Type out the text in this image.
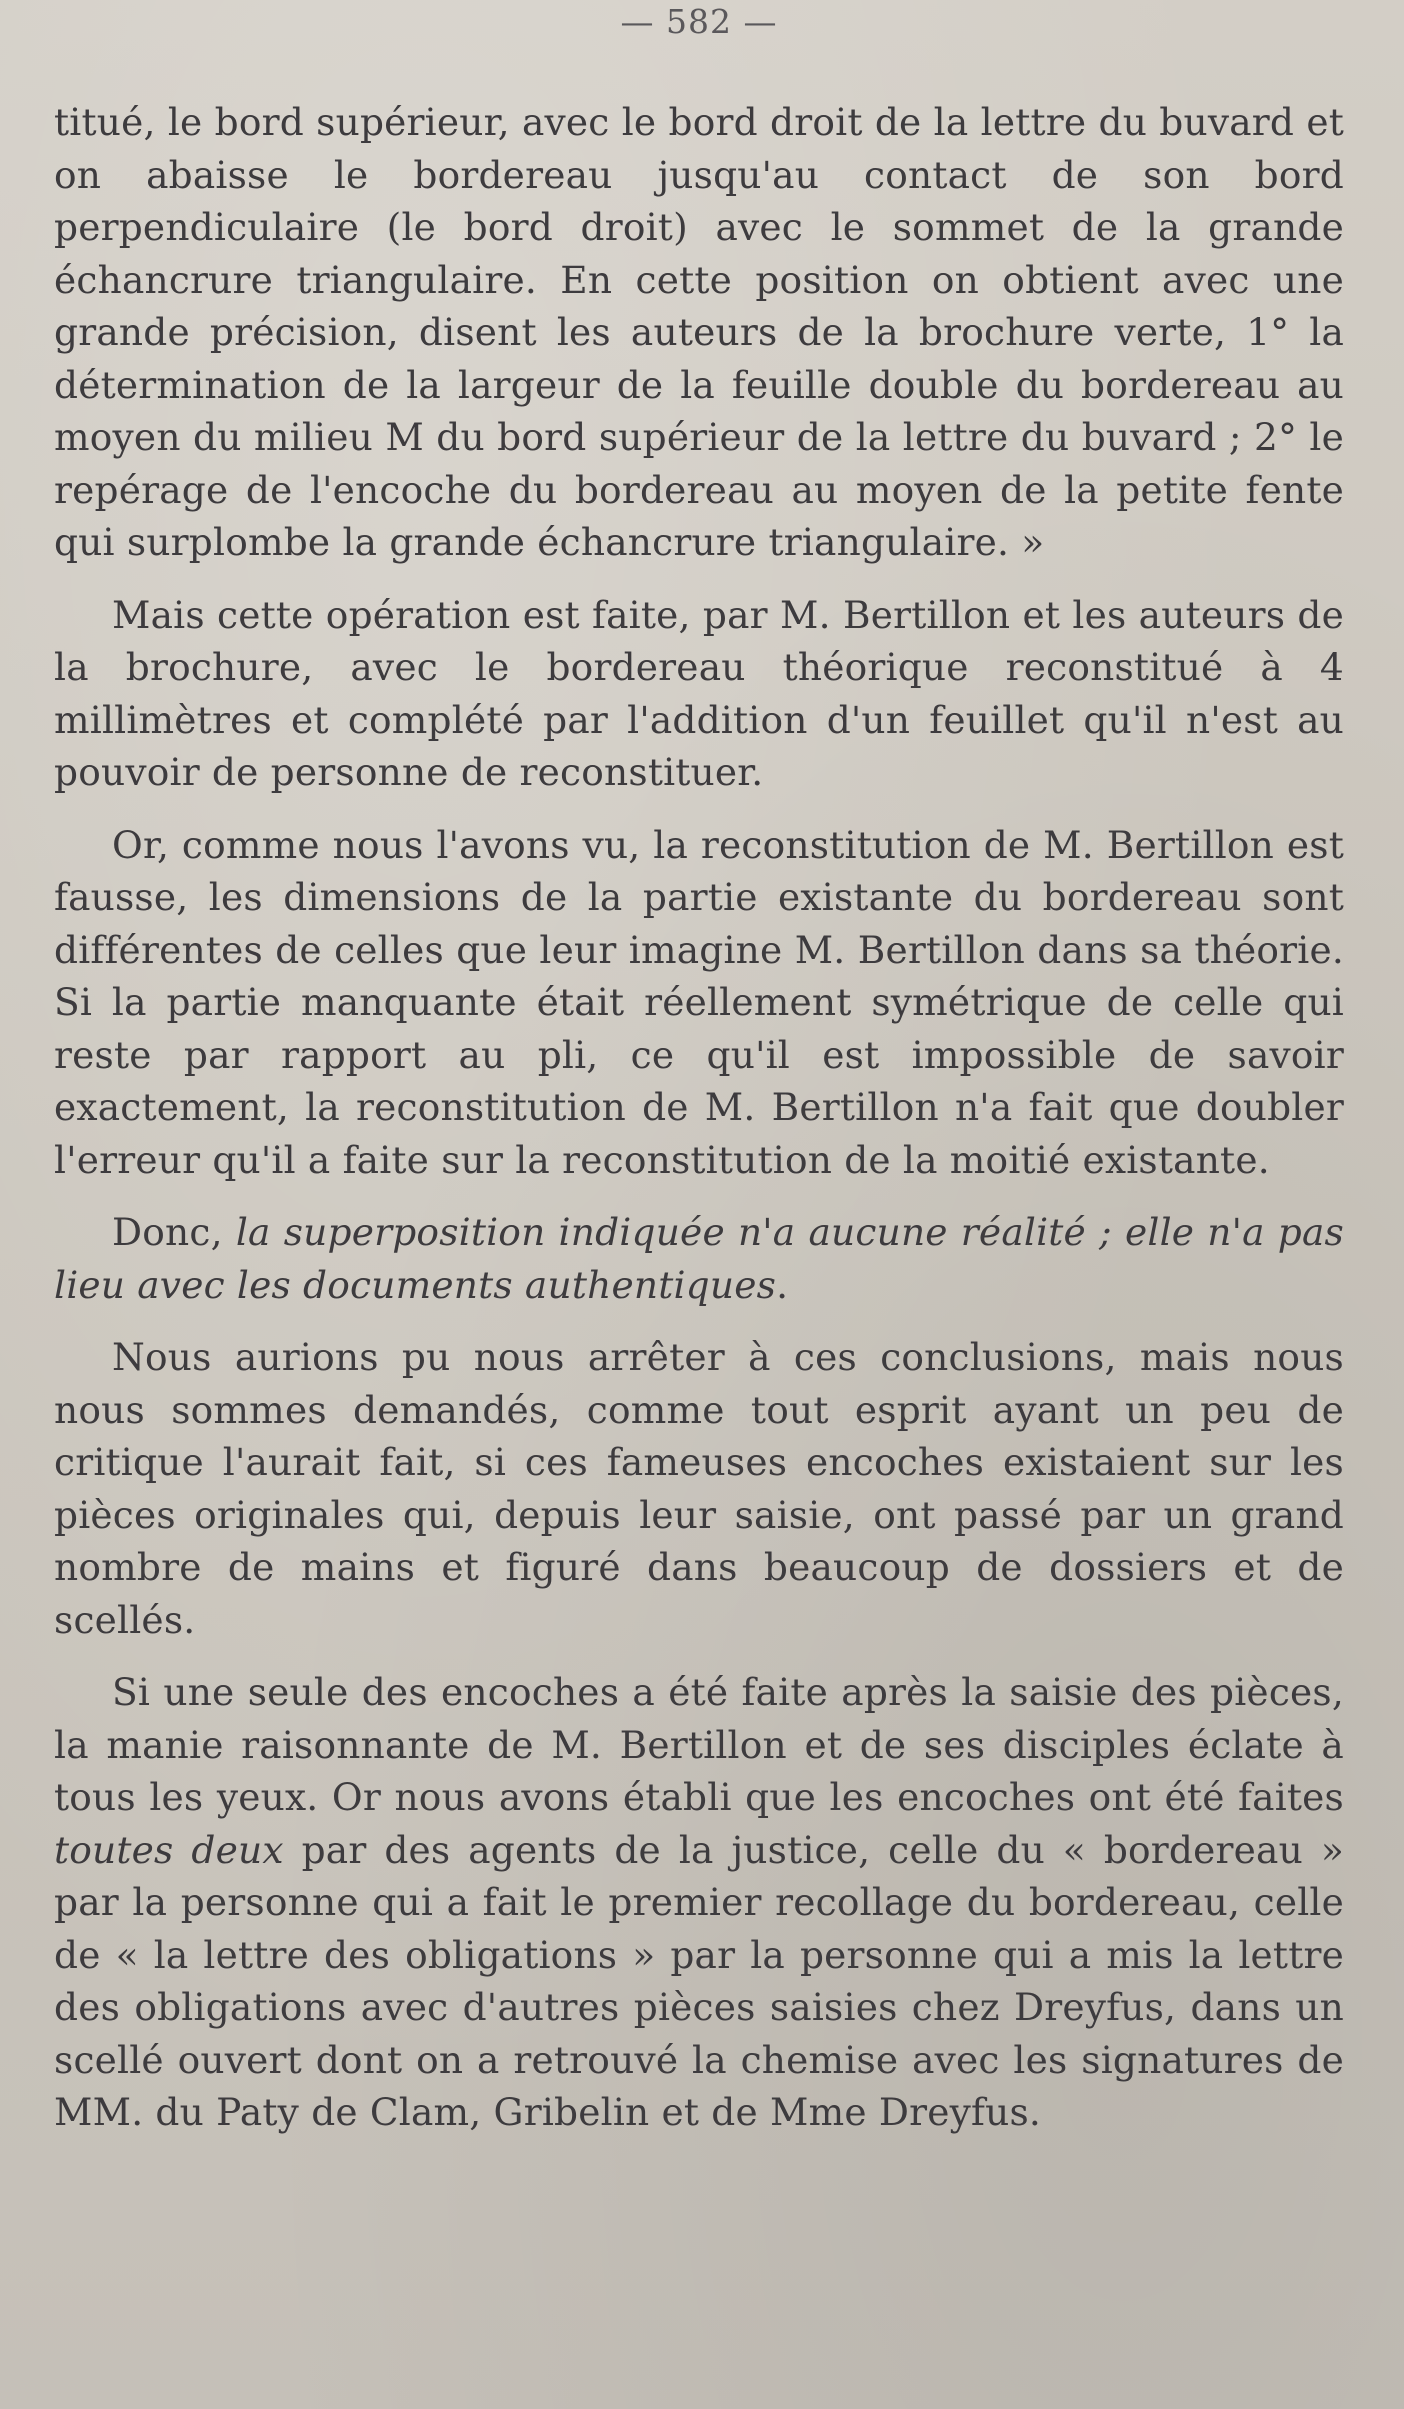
— 582 —

titué, le bord supérieur, avec le bord droit de la lettre du buvard et on abaisse le bordereau jusqu'au contact de son bord perpendiculaire (le bord droit) avec le sommet de la grande échancrure triangulaire. En cette position on obtient avec une grande précision, disent les auteurs de la brochure verte, 1° la détermination de la largeur de la feuille double du bordereau au moyen du milieu M du bord supérieur de la lettre du buvard ; 2° le repérage de l'encoche du bordereau au moyen de la petite fente qui surplombe la grande échancrure triangulaire. »

Mais cette opération est faite, par M. Bertillon et les auteurs de la brochure, avec le bordereau théorique reconstitué à 4 millimètres et complété par l'addition d'un feuillet qu'il n'est au pouvoir de personne de reconstituer.

Or, comme nous l'avons vu, la reconstitution de M. Bertillon est fausse, les dimensions de la partie existante du bordereau sont différentes de celles que leur imagine M. Bertillon dans sa théorie. Si la partie manquante était réellement symétrique de celle qui reste par rapport au pli, ce qu'il est impossible de savoir exactement, la reconstitution de M. Bertillon n'a fait que doubler l'erreur qu'il a faite sur la reconstitution de la moitié existante.

Donc, la superposition indiquée n'a aucune réalité ; elle n'a pas lieu avec les documents authentiques.

Nous aurions pu nous arrêter à ces conclusions, mais nous nous sommes demandés, comme tout esprit ayant un peu de critique l'aurait fait, si ces fameuses encoches existaient sur les pièces originales qui, depuis leur saisie, ont passé par un grand nombre de mains et figuré dans beaucoup de dossiers et de scellés.

Si une seule des encoches a été faite après la saisie des pièces, la manie raisonnante de M. Bertillon et de ses disciples éclate à tous les yeux. Or nous avons établi que les encoches ont été faites toutes deux par des agents de la justice, celle du « bordereau » par la personne qui a fait le premier recollage du bordereau, celle de « la lettre des obligations » par la personne qui a mis la lettre des obligations avec d'autres pièces saisies chez Dreyfus, dans un scellé ouvert dont on a retrouvé la chemise avec les signatures de MM. du Paty de Clam, Gribelin et de Mme Dreyfus.
